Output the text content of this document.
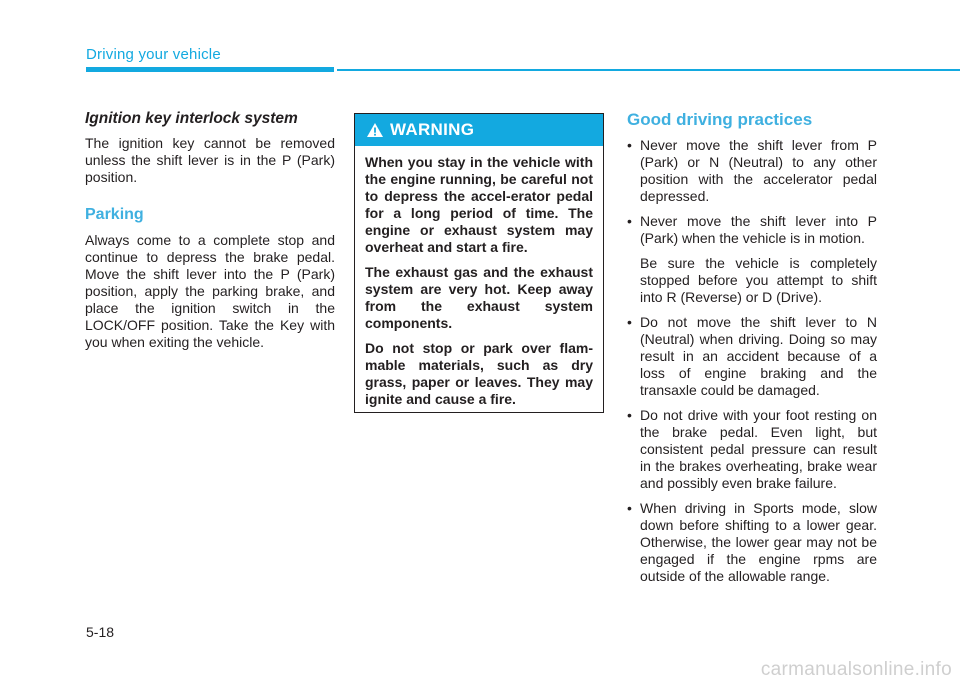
Driving your vehicle
Ignition key interlock system

The ignition key cannot be removed unless the shift lever is in the P (Park) position.

Parking

Always come to a complete stop and continue to depress the brake pedal. Move the shift lever into the P (Park) position, apply the parking brake, and place the ignition switch in the LOCK/OFF position. Take the Key with you when exiting the vehicle.

WARNING

When you stay in the vehicle with the engine running, be careful not to depress the accel-erator pedal for a long period of time. The engine or exhaust system may overheat and start a fire.

The exhaust gas and the exhaust system are very hot. Keep away from the exhaust system components.

Do not stop or park over flam-mable materials, such as dry grass, paper or leaves. They may ignite and cause a fire.

Good driving practices
• Never move the shift lever from P (Park) or N (Neutral) to any other position with the accelerator pedal depressed.
• Never move the shift lever into P (Park) when the vehicle is in motion.
Be sure the vehicle is completely stopped before you attempt to shift into R (Reverse) or D (Drive).
• Do not move the shift lever to N (Neutral) when driving. Doing so may result in an accident because of a loss of engine braking and the transaxle could be damaged.
• Do not drive with your foot resting on the brake pedal. Even light, but consistent pedal pressure can result in the brakes overheating, brake wear and possibly even brake failure.
• When driving in Sports mode, slow down before shifting to a lower gear. Otherwise, the lower gear may not be engaged if the engine rpms are outside of the allowable range.
5-18
carmanualsonline.info
